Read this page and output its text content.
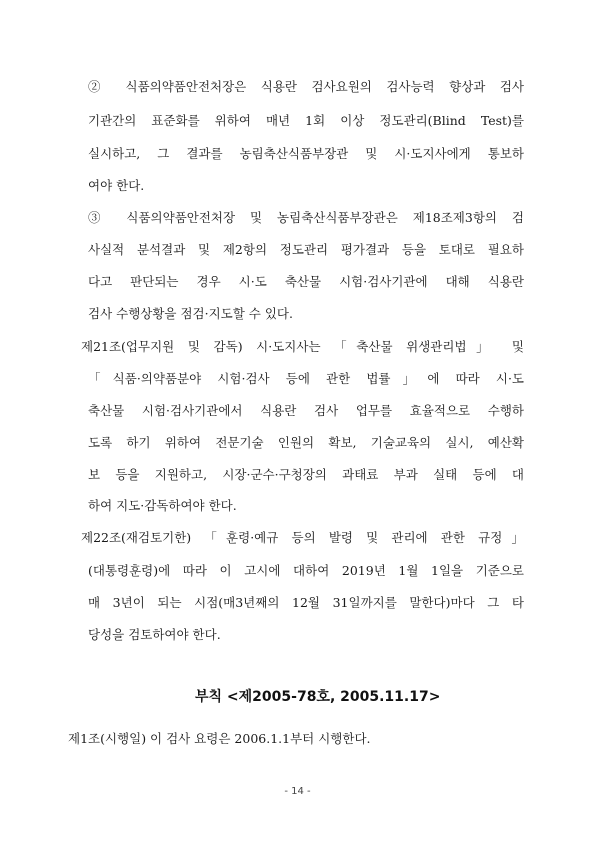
② 식품의약품안전처장은 식용란 검사요원의 검사능력 향상과 검사
기관간의 표준화를 위하여 매년 1회 이상 정도관리(Blind Test)를
실시하고, 그 결과를 농림축산식품부장관 및 시·도지사에게 통보하
여야 한다.
③ 식품의약품안전처장 및 농림축산식품부장관은 제18조제3항의 검
사실적 분석결과 및 제2항의 정도관리 평가결과 등을 토대로 필요하
다고 판단되는 경우 시·도 축산물 시험·검사기관에 대해 식용란
검사 수행상황을 점검·지도할 수 있다.
제21조(업무지원 및 감독) 시·도지사는 「축산물 위생관리법」 및
「식품·의약품분야 시험·검사 등에 관한 법률」에 따라 시·도
축산물 시험·검사기관에서 식용란 검사 업무를 효율적으로 수행하
도록 하기 위하여 전문기술 인원의 확보, 기술교육의 실시, 예산확
보 등을 지원하고, 시장·군수·구청장의 과태료 부과 실태 등에 대
하여 지도·감독하여야 한다.
제22조(재검토기한) 「훈령·예규 등의 발령 및 관리에 관한 규정」
(대통령훈령)에 따라 이 고시에 대하여 2019년 1월 1일을 기준으로
매 3년이 되는 시점(매3년째의 12월 31일까지를 말한다)마다 그 타
당성을 검토하여야 한다.
부칙 <제2005-78호, 2005.11.17>
제1조(시행일) 이 검사 요령은 2006.1.1부터 시행한다.
- 14 -
